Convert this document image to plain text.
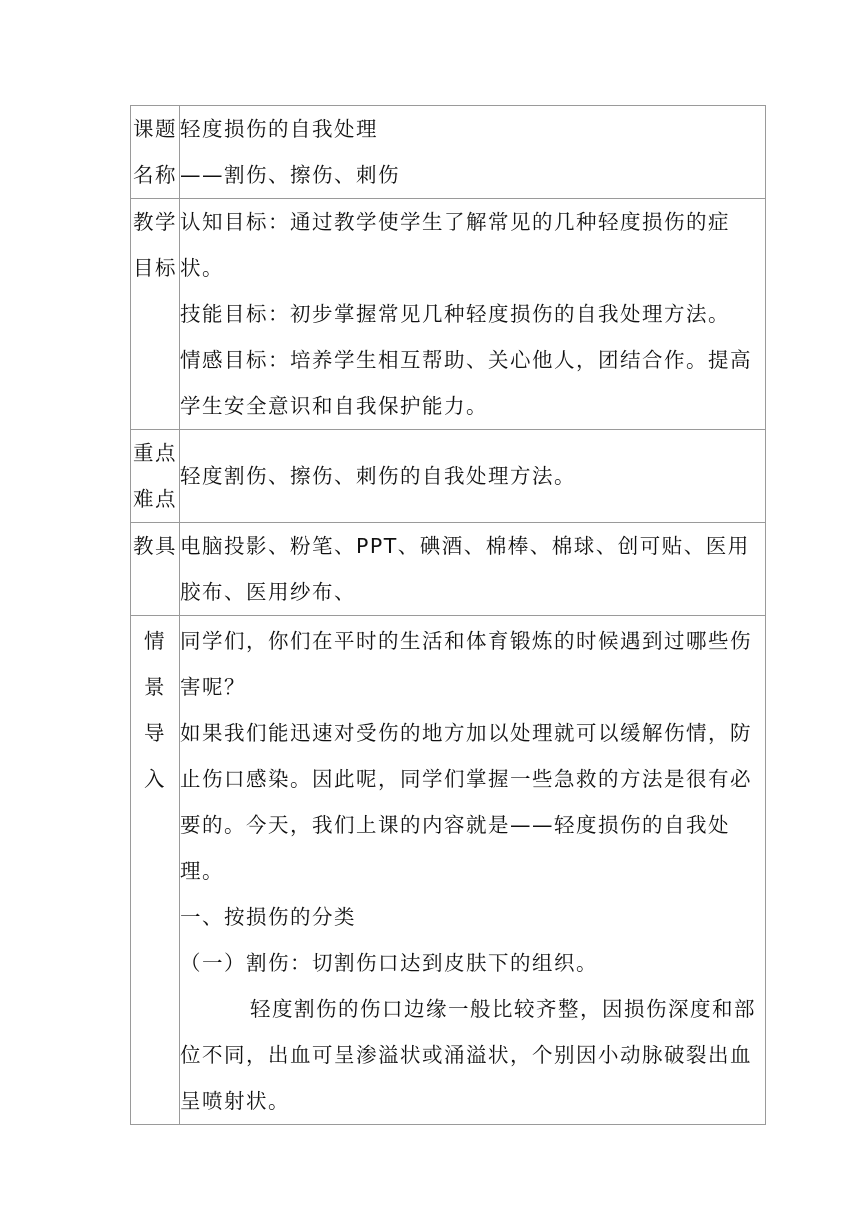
课题
名称	轻度损伤的自我处理
——割伤、擦伤、刺伤

教学
目标	认知目标：通过教学使学生了解常见的几种轻度损伤的症状。
技能目标：初步掌握常见几种轻度损伤的自我处理方法。
情感目标：培养学生相互帮助、关心他人，团结合作。提高学生安全意识和自我保护能力。

重点
难点	轻度割伤、擦伤、刺伤的自我处理方法。

教具	电脑投影、粉笔、PPT、碘酒、棉棒、棉球、创可贴、医用胶布、医用纱布、

情
景
导
入	同学们，你们在平时的生活和体育锻炼的时候遇到过哪些伤害呢？
如果我们能迅速对受伤的地方加以处理就可以缓解伤情，防止伤口感染。因此呢，同学们掌握一些急救的方法是很有必要的。今天，我们上课的内容就是——轻度损伤的自我处理。
一、按损伤的分类
（一）割伤：切割伤口达到皮肤下的组织。
轻度割伤的伤口边缘一般比较齐整，因损伤深度和部位不同，出血可呈渗溢状或涌溢状，个别因小动脉破裂出血呈喷射状。
